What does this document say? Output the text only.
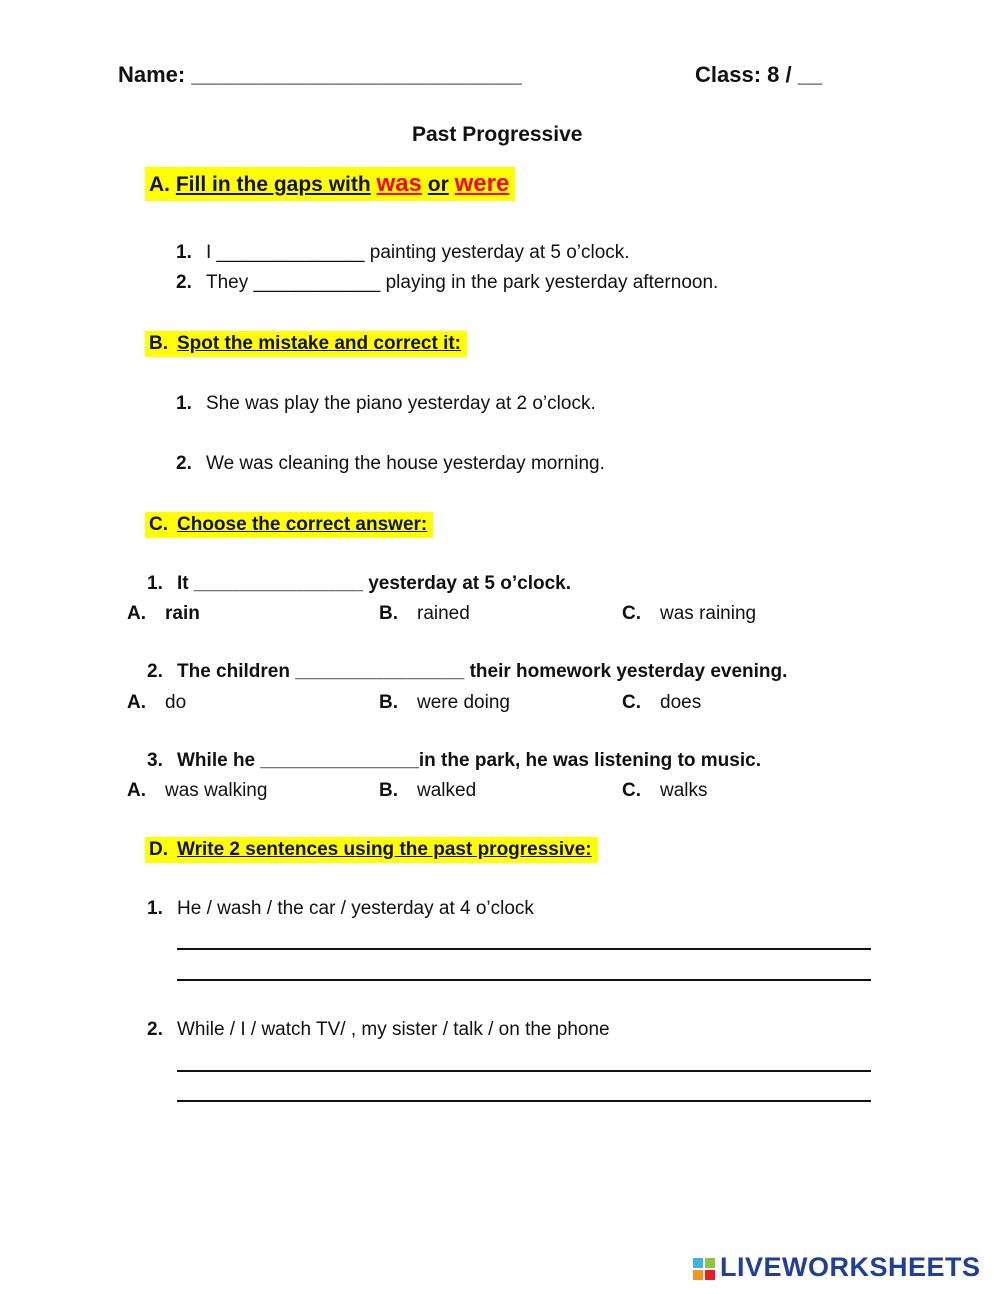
Name: ___________________________	Class: 8 / __
Past Progressive
A. Fill in the gaps with was or were
1. I ______________ painting yesterday at 5 o’clock.
2. They ____________ playing in the park yesterday afternoon.
B. Spot the mistake and correct it:
1. She was play the piano yesterday at 2 o’clock.
2. We was cleaning the house yesterday morning.
C. Choose the correct answer:
1. It ________________ yesterday at 5 o’clock.
A. rain	B. rained	C. was raining
2. The children ________________ their homework yesterday evening.
A. do	B. were doing	C. does
3. While he _______________in the park, he was listening to music.
A. was walking	B. walked	C. walks
D. Write 2 sentences using the past progressive:
1. He / wash / the car / yesterday at 4 o’clock
2. While / I / watch TV/ , my sister / talk / on the phone
LIVEWORKSHEETS
